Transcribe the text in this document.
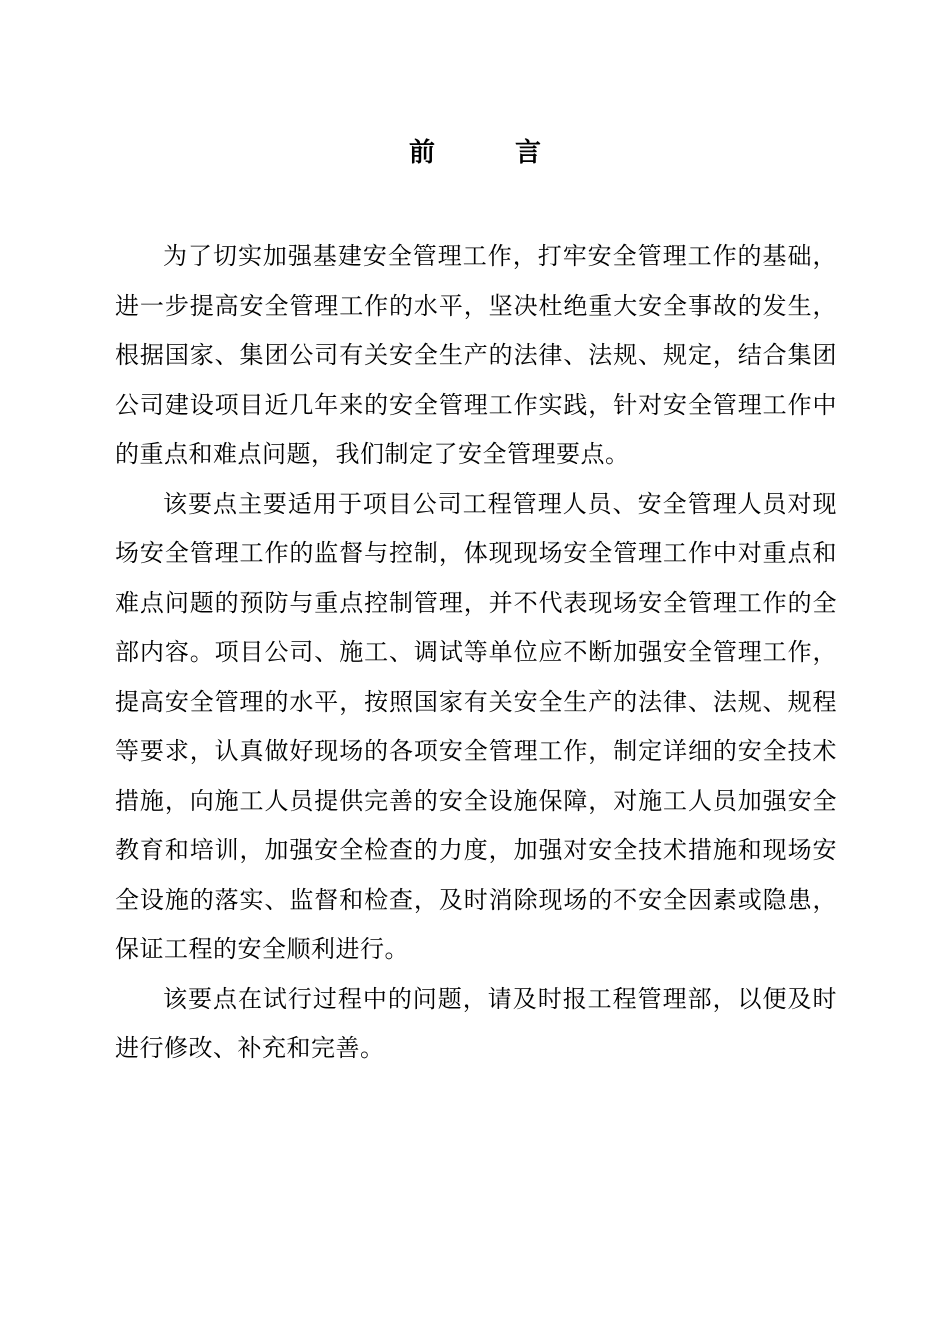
前	言

为了切实加强基建安全管理工作，打牢安全管理工作的基础，进一步提高安全管理工作的水平，坚决杜绝重大安全事故的发生，根据国家、集团公司有关安全生产的法律、法规、规定，结合集团公司建设项目近几年来的安全管理工作实践，针对安全管理工作中的重点和难点问题，我们制定了安全管理要点。

该要点主要适用于项目公司工程管理人员、安全管理人员对现场安全管理工作的监督与控制，体现现场安全管理工作中对重点和难点问题的预防与重点控制管理，并不代表现场安全管理工作的全部内容。项目公司、施工、调试等单位应不断加强安全管理工作，提高安全管理的水平，按照国家有关安全生产的法律、法规、规程等要求，认真做好现场的各项安全管理工作，制定详细的安全技术措施，向施工人员提供完善的安全设施保障，对施工人员加强安全教育和培训，加强安全检查的力度，加强对安全技术措施和现场安全设施的落实、监督和检查，及时消除现场的不安全因素或隐患，保证工程的安全顺利进行。

该要点在试行过程中的问题，请及时报工程管理部，以便及时进行修改、补充和完善。
